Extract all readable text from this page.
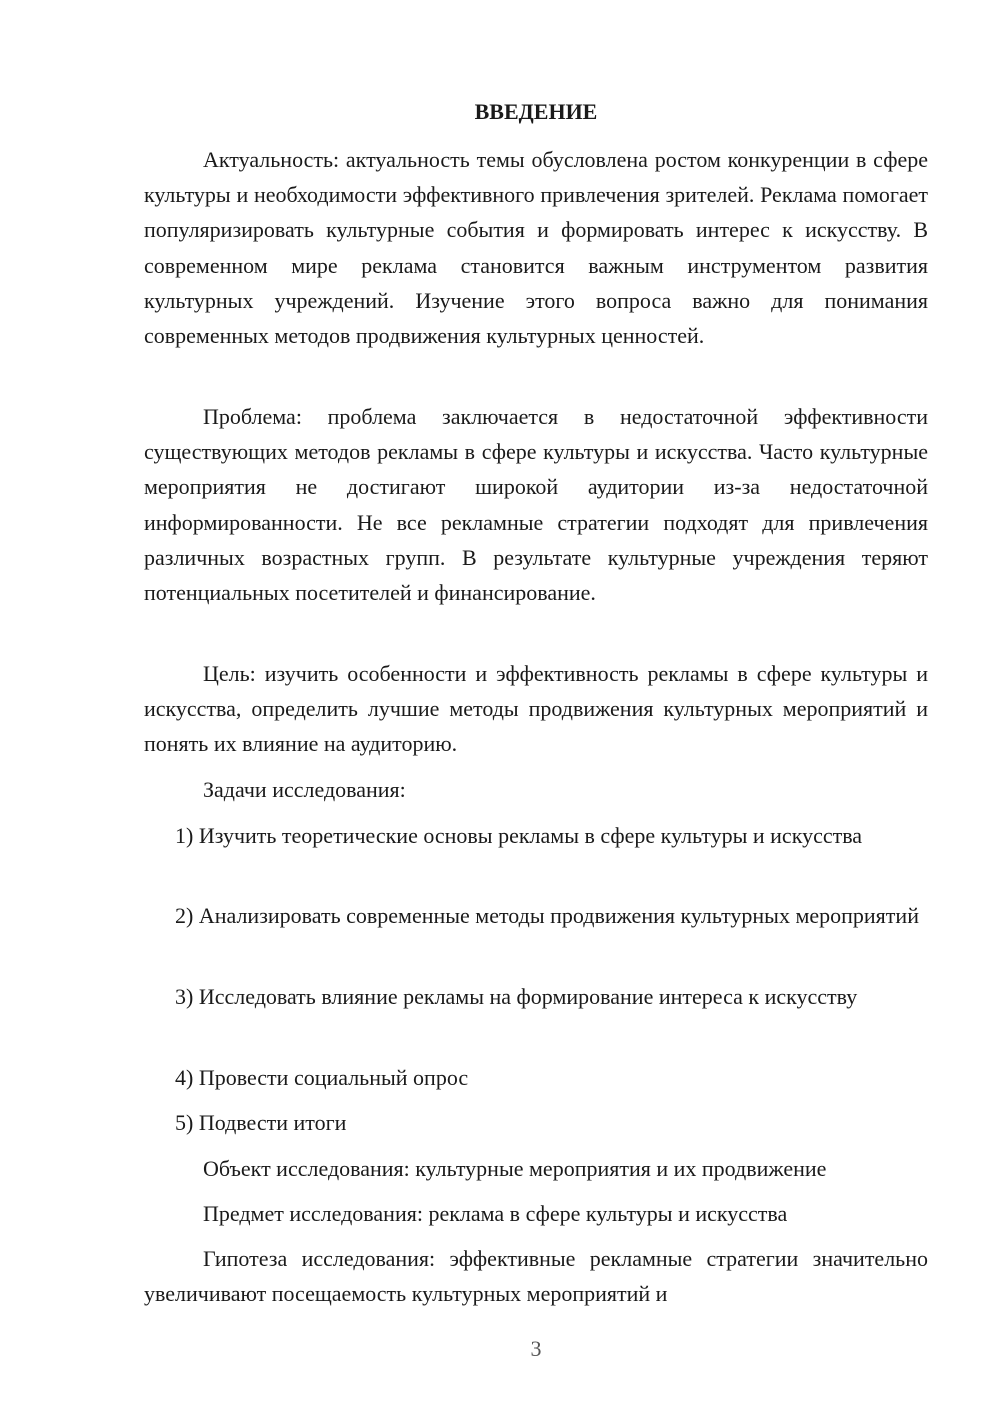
ВВЕДЕНИЕ

Актуальность: актуальность темы обусловлена ростом конкуренции в сфере культуры и необходимости эффективного привлечения зрителей. Реклама помогает популяризировать культурные события и формировать интерес к искусству. В современном мире реклама становится важным инструментом развития культурных учреждений. Изучение этого вопроса важно для понимания современных методов продвижения культурных ценностей.

Проблема: проблема заключается в недостаточной эффективности существующих методов рекламы в сфере культуры и искусства. Часто культурные мероприятия не достигают широкой аудитории из-за недостаточной информированности. Не все рекламные стратегии подходят для привлечения различных возрастных групп. В результате культурные учреждения теряют потенциальных посетителей и финансирование.

Цель: изучить особенности и эффективность рекламы в сфере культуры и искусства, определить лучшие методы продвижения культурных мероприятий и понять их влияние на аудиторию.

Задачи исследования:

1) Изучить теоретические основы рекламы в сфере культуры и искусства

2) Анализировать современные методы продвижения культурных мероприятий

3) Исследовать влияние рекламы на формирование интереса к искусству

4) Провести социальный опрос

5) Подвести итоги

Объект исследования: культурные мероприятия и их продвижение

Предмет исследования: реклама в сфере культуры и искусства

Гипотеза исследования: эффективные рекламные стратегии значительно увеличивают посещаемость культурных мероприятий и

3
